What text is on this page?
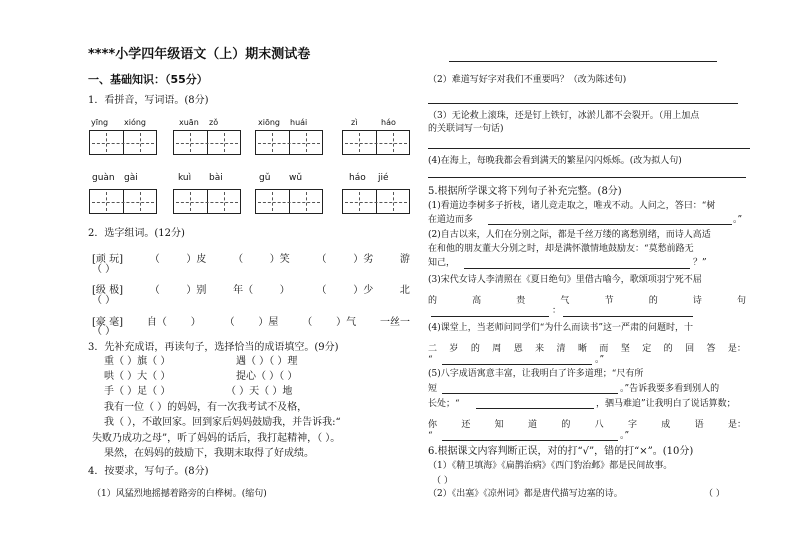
****小学四年级语文（上）期末测试卷
一、基础知识：（55分）
1．看拼音，写词语。(8分)
yīng xióng	xuān zǒ	xiōng huái	zì	háo
guàn gài	kuì bài	gǔ wǔ	háo jié
2．选字组词。(12分)
[顽 玩]	（	）皮	（	）笑	（	）劣	游
（ ）
[级 极]	（	）别	年（	）	（	）少	北
（ ）
[豪 毫] 自（ ） （ ）屋 （ ）气 一丝一
（ ）
3．先补充成语，再读句子，选择恰当的成语填空。(9分)
重（ ）旗（ ）	遇（ ）（ ）理
哄（ ）大（ ）	提心（ ）（ ）
手（ ）足（ ）	（ ）天（ ）地
我有一位（ ）的妈妈，有一次我考试不及格，
我（ ），不敢回家。回到家后妈妈鼓励我，并告诉我:“
失败乃成功之母”，听了妈妈的话后，我打起精神，（ ）。
果然，在妈妈的鼓励下，我期末取得了好成绩。
4．按要求，写句子。(8分)
（1）风猛烈地摇撼着路旁的白桦树。(缩句)
（2）难道写好字对我们不重要吗？（改为陈述句)
（3）无论救上滚珠，还是钉上铁钉，冰淤儿都不会裂开。（用上加点
的关联词写一句话)
(4)在海上，每晚我都会看到满天的繁星闪闪烁烁。(改为拟人句)
5.根据所学课文将下列句子补充完整。(8分)
(1)看道边李树多子折枝，诸儿竞走取之，唯戎不动。人问之，答曰：“树
在道边而多	。”
(2)自古以来，人们在分别之际，都是千丝万缕的离愁别绪，而诗人高适
在和他的朋友董大分别之时，却是满怀激情地鼓励友：“莫愁前路无
知己，	？”
(3)宋代女诗人李清照在《夏日绝句》里借古喻今，歌颂项羽宁死不屈
的	高	贵	气	节	的	诗	句
：
(4)课堂上，当老师问同学们“为什么而读书”这一严肃的问题时，十
二 岁 的 周 恩 来 清 晰 而 坚 定 的 回 答 是：
“	。”
(5)八字成语寓意丰富，让我明白了许多道理；“尺有所
短	。”告诉我要多看到别人的
长处；“	，驷马难追”让我明白了说话算数；
你	还	知	道	的	八	字	成	语	是：
“	。”
6.根据课文内容判断正误，对的打“√”，错的打“×”。(10分)
（1）《精卫填海》《扁鹊治病》《西门豹治邺》都是民间故事。
（ ）
（2）《出塞》《凉州词》都是唐代描写边塞的诗。	（ ）
